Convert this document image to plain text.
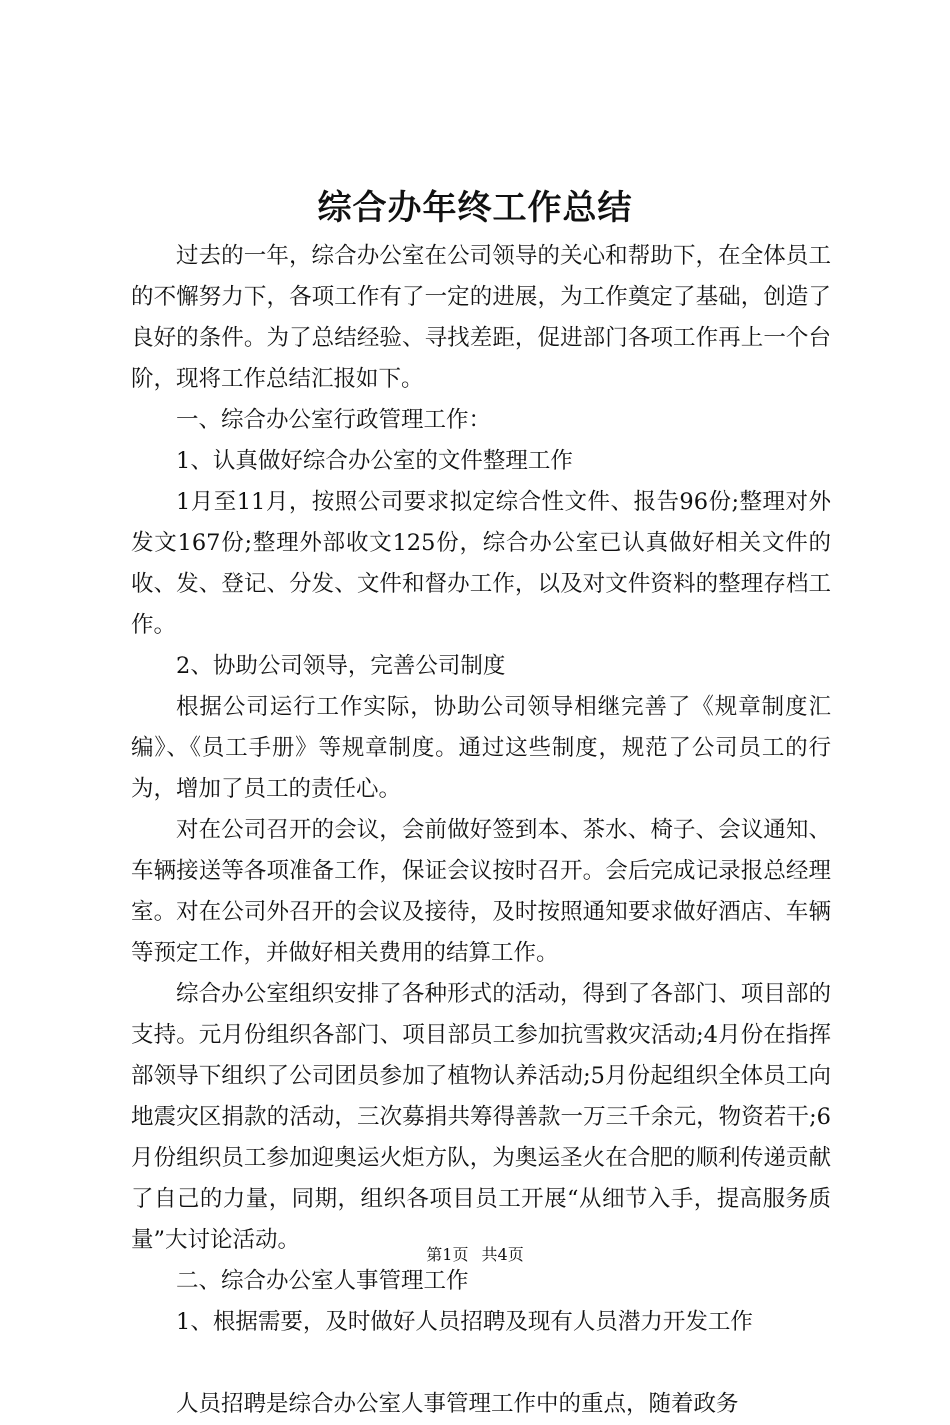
综合办年终工作总结

过去的一年，综合办公室在公司领导的关心和帮助下，在全体员工的不懈努力下，各项工作有了一定的进展，为工作奠定了基础，创造了良好的条件。为了总结经验、寻找差距，促进部门各项工作再上一个台阶，现将工作总结汇报如下。

一、综合办公室行政管理工作：

1、认真做好综合办公室的文件整理工作

1月至11月，按照公司要求拟定综合性文件、报告96份;整理对外发文167份;整理外部收文125份，综合办公室已认真做好相关文件的收、发、登记、分发、文件和督办工作，以及对文件资料的整理存档工作。

2、协助公司领导，完善公司制度

根据公司运行工作实际，协助公司领导相继完善了《规章制度汇编》、《员工手册》等规章制度。通过这些制度，规范了公司员工的行为，增加了员工的责任心。

对在公司召开的会议，会前做好签到本、茶水、椅子、会议通知、车辆接送等各项准备工作，保证会议按时召开。会后完成记录报总经理室。对在公司外召开的会议及接待，及时按照通知要求做好酒店、车辆等预定工作，并做好相关费用的结算工作。

综合办公室组织安排了各种形式的活动，得到了各部门、项目部的支持。元月份组织各部门、项目部员工参加抗雪救灾活动;4月份在指挥部领导下组织了公司团员参加了植物认养活动;5月份起组织全体员工向地震灾区捐款的活动，三次募捐共筹得善款一万三千余元，物资若干;6月份组织员工参加迎奥运火炬方队，为奥运圣火在合肥的顺利传递贡献了自己的力量，同期，组织各项目员工开展“从细节入手，提高服务质量”大讨论活动。

二、综合办公室人事管理工作

1、根据需要，及时做好人员招聘及现有人员潜力开发工作

人员招聘是综合办公室人事管理工作中的重点，随着政务

第1页 共4页
